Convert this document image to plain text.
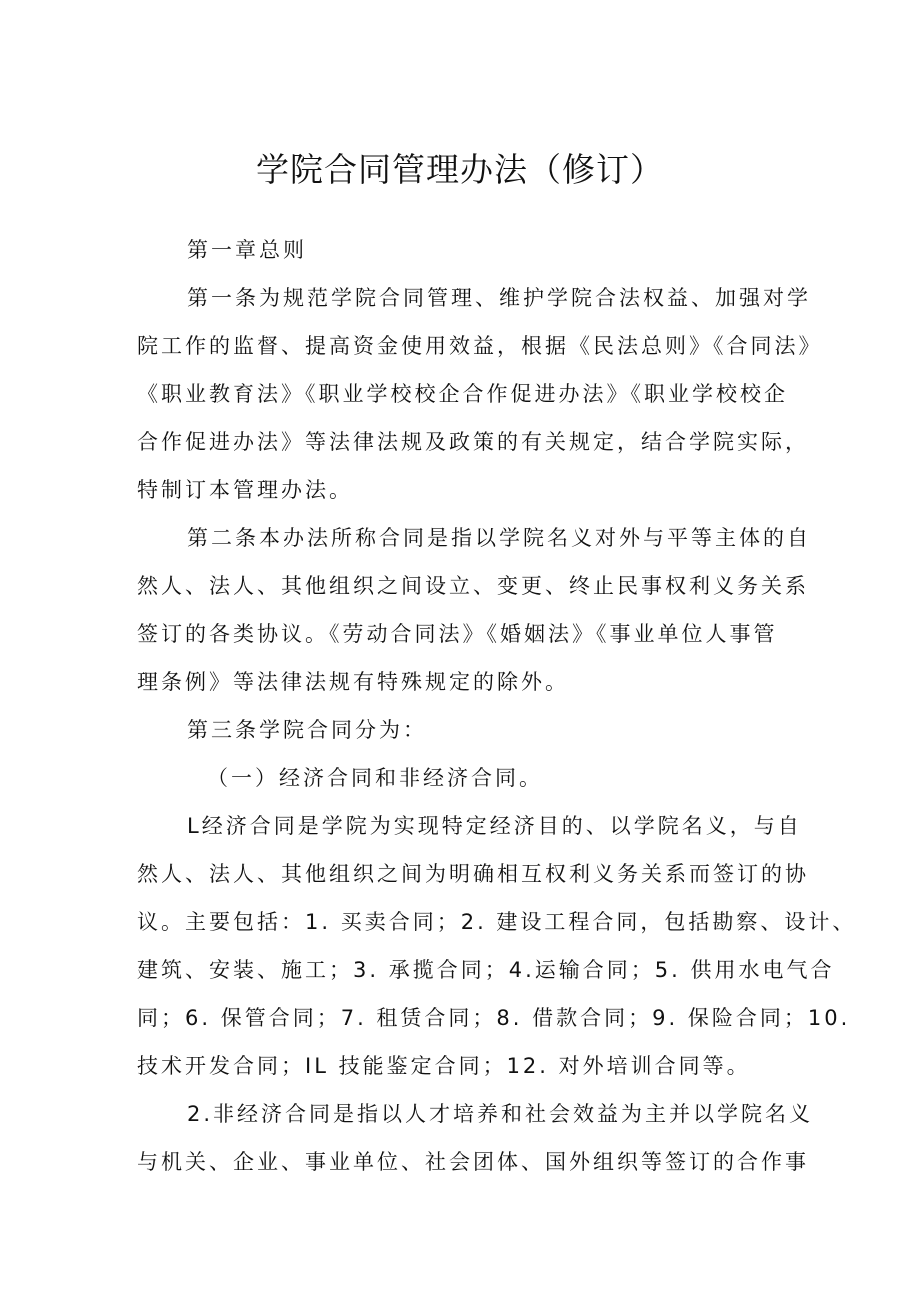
学院合同管理办法（修订）
第一章总则
第一条为规范学院合同管理、维护学院合法权益、加强对学
院工作的监督、提高资金使用效益，根据《民法总则》《合同法》
《职业教育法》《职业学校校企合作促进办法》《职业学校校企
合作促进办法》等法律法规及政策的有关规定，结合学院实际，
特制订本管理办法。
第二条本办法所称合同是指以学院名义对外与平等主体的自
然人、法人、其他组织之间设立、变更、终止民事权利义务关系
签订的各类协议。《劳动合同法》《婚姻法》《事业单位人事管
理条例》等法律法规有特殊规定的除外。
第三条学院合同分为：
（一）经济合同和非经济合同。
L经济合同是学院为实现特定经济目的、以学院名义，与自
然人、法人、其他组织之间为明确相互权利义务关系而签订的协
议。主要包括：1. 买卖合同；2. 建设工程合同，包括勘察、设计、
建筑、安装、施工；3. 承揽合同；4.运输合同；5. 供用水电气合
同；6. 保管合同；7. 租赁合同；8. 借款合同；9. 保险合同；10.
技术开发合同；IL 技能鉴定合同；12. 对外培训合同等。
2.非经济合同是指以人才培养和社会效益为主并以学院名义
与机关、企业、事业单位、社会团体、国外组织等签订的合作事
